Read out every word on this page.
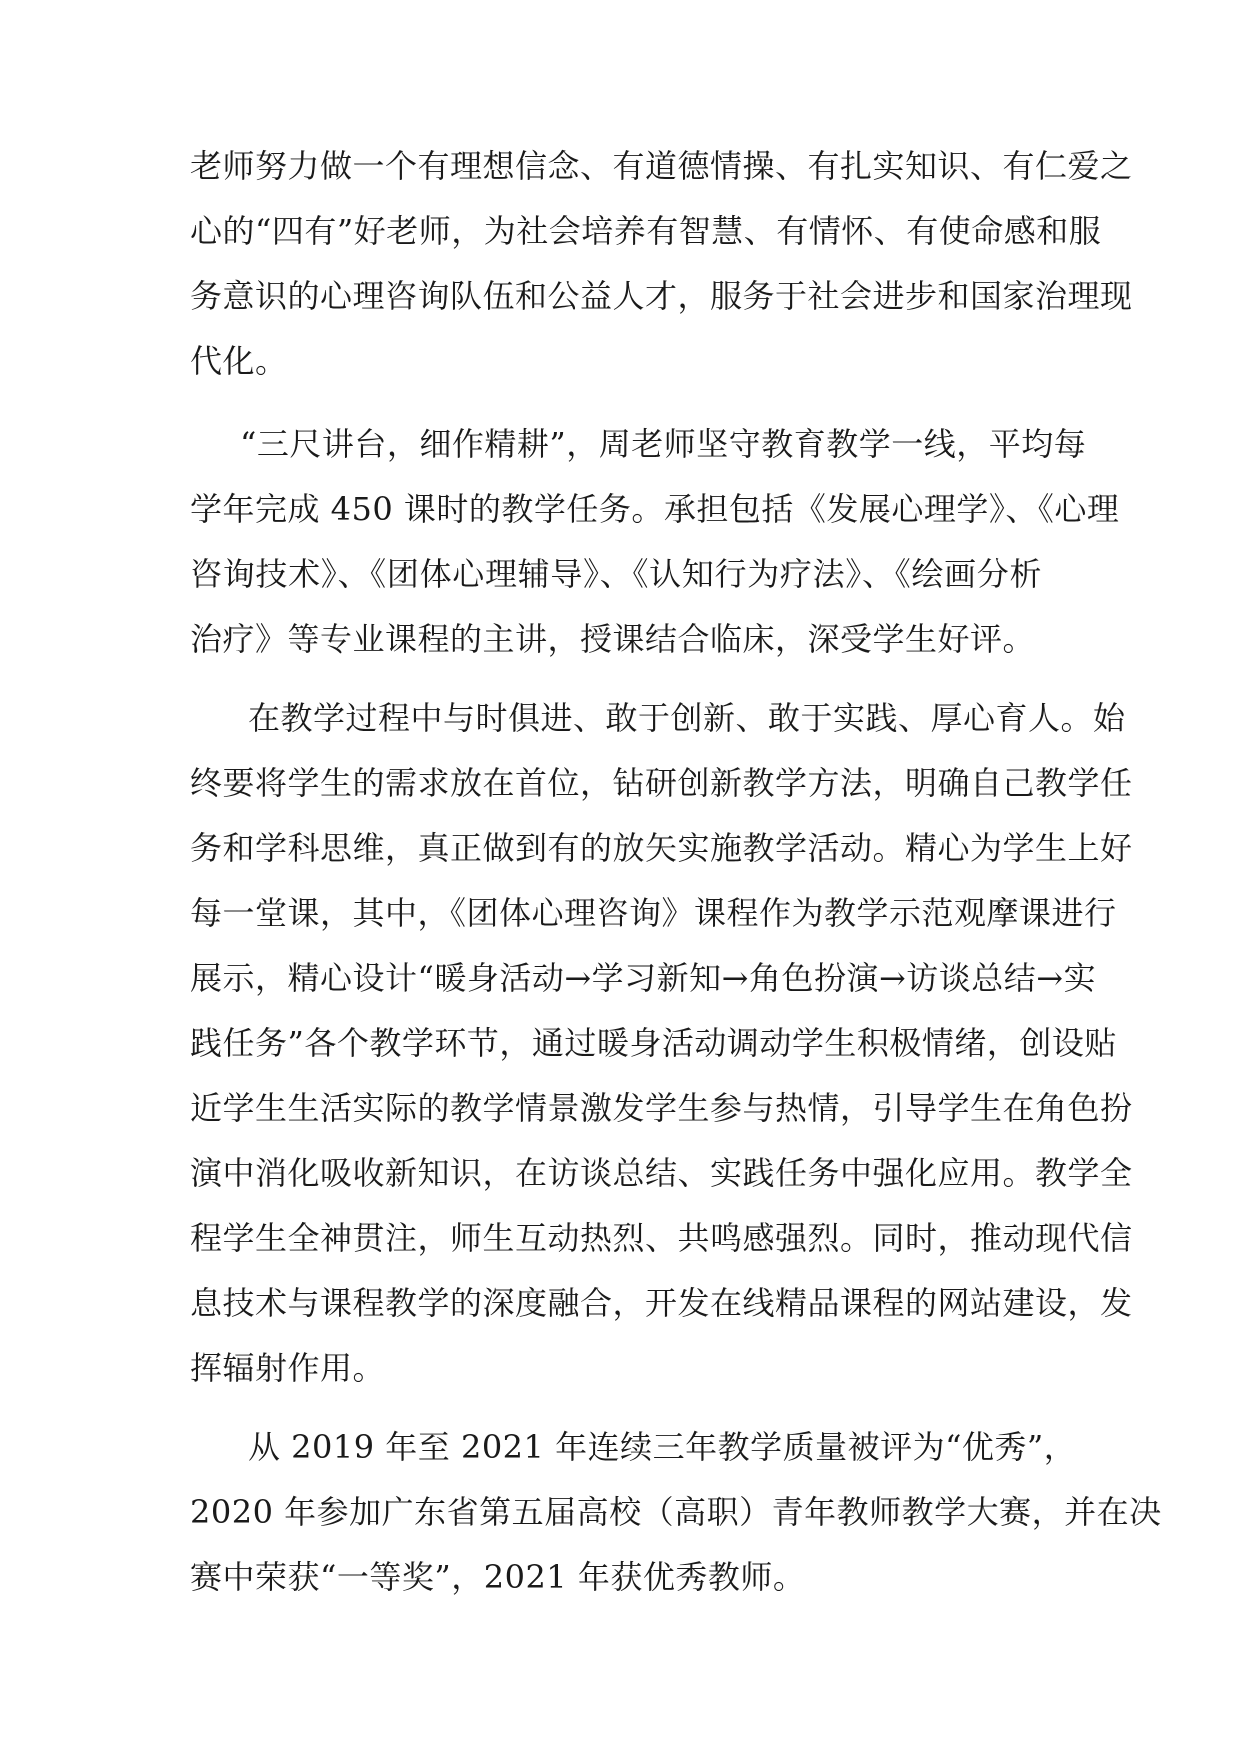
老师努力做一个有理想信念、有道德情操、有扎实知识、有仁爱之
心的“四有”好老师，为社会培养有智慧、有情怀、有使命感和服
务意识的心理咨询队伍和公益人才，服务于社会进步和国家治理现
代化。
“三尺讲台，细作精耕”，周老师坚守教育教学一线，平均每
学年完成 450 课时的教学任务。承担包括《发展心理学》、《心理
咨询技术》、《团体心理辅导》、《认知行为疗法》、《绘画分析
治疗》等专业课程的主讲，授课结合临床，深受学生好评。
在教学过程中与时俱进、敢于创新、敢于实践、厚心育人。始
终要将学生的需求放在首位，钻研创新教学方法，明确自己教学任
务和学科思维，真正做到有的放矢实施教学活动。精心为学生上好
每一堂课，其中，《团体心理咨询》课程作为教学示范观摩课进行
展示，精心设计“暖身活动→学习新知→角色扮演→访谈总结→实
践任务”各个教学环节，通过暖身活动调动学生积极情绪，创设贴
近学生生活实际的教学情景激发学生参与热情，引导学生在角色扮
演中消化吸收新知识，在访谈总结、实践任务中强化应用。教学全
程学生全神贯注，师生互动热烈、共鸣感强烈。同时，推动现代信
息技术与课程教学的深度融合，开发在线精品课程的网站建设，发
挥辐射作用。
从 2019 年至 2021 年连续三年教学质量被评为“优秀”，
2020 年参加广东省第五届高校（高职）青年教师教学大赛，并在决
赛中荣获“一等奖”，2021 年获优秀教师。
